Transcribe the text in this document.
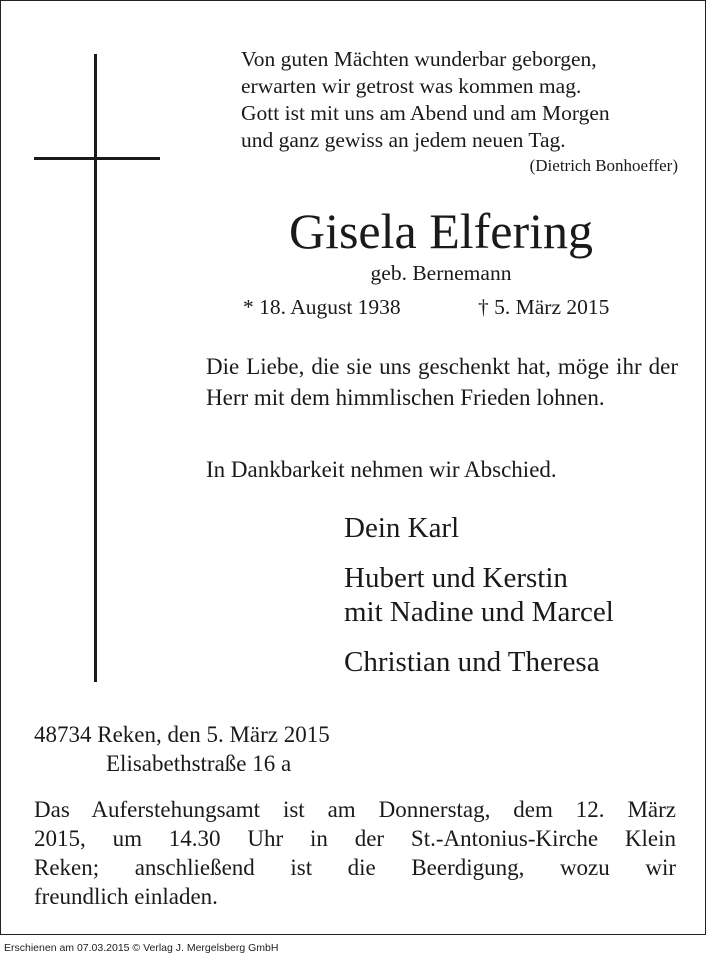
Von guten Mächten wunderbar geborgen,
erwarten wir getrost was kommen mag.
Gott ist mit uns am Abend und am Morgen
und ganz gewiss an jedem neuen Tag.
(Dietrich Bonhoeffer)
Gisela Elfering
geb. Bernemann
* 18. August 1938	† 5. März 2015
Die Liebe, die sie uns geschenkt hat, möge ihr der Herr mit dem himmlischen Frieden lohnen.
In Dankbarkeit nehmen wir Abschied.
Dein Karl
Hubert und Kerstin
mit Nadine und Marcel
Christian und Theresa
48734 Reken, den 5. März 2015
Elisabethstraße 16 a
Das Auferstehungsamt ist am Donnerstag, dem 12. März
2015, um 14.30 Uhr in der St.-Antonius-Kirche Klein
Reken; anschließend ist die Beerdigung, wozu wir
freundlich einladen.
Erschienen am 07.03.2015 © Verlag J. Mergelsberg GmbH
